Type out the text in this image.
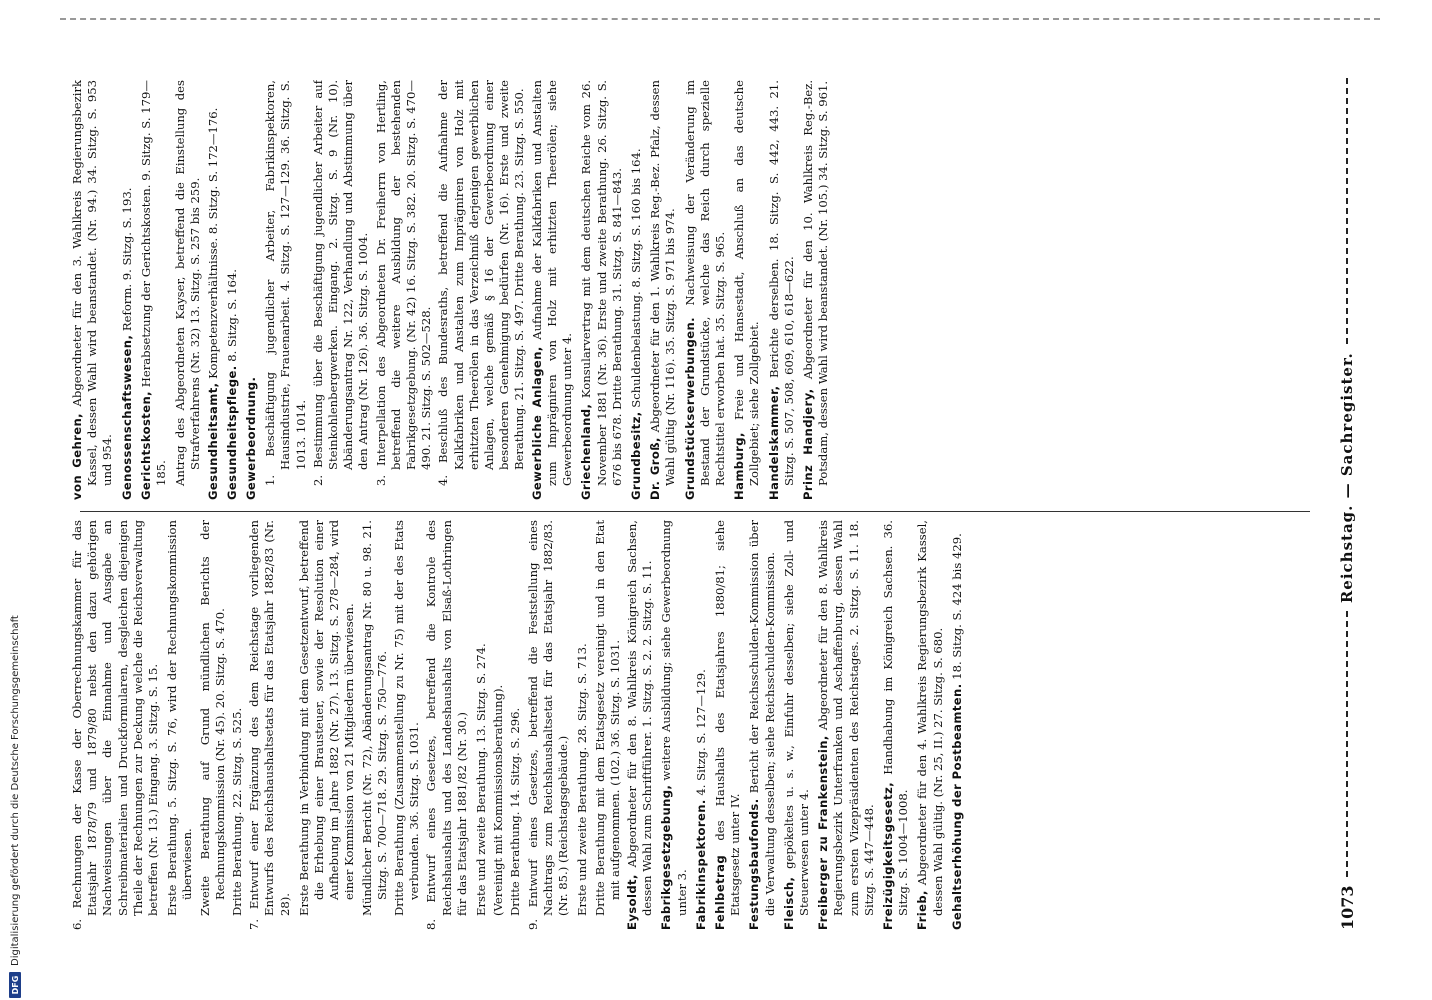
1073
Reichstag. — Sachregister.

6. Rechnungen der Kasse der Oberrechnungskammer für das Etatsjahr 1878/79 und 1879/80 nebst den dazu gehörigen Nachweisungen über die Einnahme und Ausgabe an Schreibmaterialien und Druckformularen, desgleichen diejenigen Theile der Rechnungen zur Deckung welche die Reichsverwaltung betreffen (Nr. 13.) Eingang. 3. Sitzg. S. 15. Erste Berathung. 5. Sitzg. S. 76, wird der Rechnungskommission überwiesen. Zweite Berathung auf Grund mündlichen Berichts der Rechnungskommission (Nr. 45). 20. Sitzg. S. 470. Dritte Berathung. 22. Sitzg. S. 525. 7. Entwurf einer Ergänzung des dem Reichstage vorliegenden Entwurfs des Reichshaushaltsetats für das Etatsjahr 1882/83 (Nr. 28). Erste Berathung in Verbindung mit dem Gesetzentwurf, betreffend die Erhebung einer Brausteuer, sowie der Resolution einer Aufhebung im Jahre 1882 (Nr. 27). 13. Sitzg. S. 278—284, wird einer Kommission von 21 Mitgliedern überwiesen. Mündlicher Bericht (Nr. 72), Abänderungsantrag Nr. 80 u. 98. 21. Sitzg. S. 700—718. 29. Sitzg. S. 750—776. Dritte Berathung (Zusammenstellung zu Nr. 75) mit der des Etats verbunden. 36. Sitzg. S. 1031. 8. Entwurf eines Gesetzes, betreffend die Kontrole des Reichshaushalts und des Landeshaushalts von Elsaß-Lothringen für das Etatsjahr 1881/82 (Nr. 30.) Erste und zweite Berathung. 13. Sitzg. S. 274. (Vereinigt mit Kommissionsberathung). Dritte Berathung. 14. Sitzg. S. 296. 9. Entwurf eines Gesetzes, betreffend die Feststellung eines Nachtrags zum Reichshaushaltsetat für das Etatsjahr 1882/83. (Nr. 85.) (Reichstagsgebäude.) Erste und zweite Berathung. 28. Sitzg. S. 713. Dritte Berathung mit dem Etatsgesetz vereinigt und in den Etat mit aufgenommen. (102.) 36. Sitzg. S. 1031.

Eysoldt, Abgeordneter für den 8. Wahlkreis Königreich Sachsen, dessen Wahl zum Schriftführer. 1. Sitzg. S. 2. 2. Sitzg. S. 11. Fabrikgesetzgebung, weitere Ausbildung; siehe Gewerbeordnung unter 3. Fabrikinspektoren. 4. Sitzg. S. 127—129.

Fehlbetrag des Haushalts des Etatsjahres 1880/81; siehe Etatsgesetz unter IV. Festungsbaufonds. Bericht der Reichsschulden-Kommission über die Verwaltung desselben; siehe Reichsschulden-Kommission. Fleisch, gepökeltes u. s. w., Einfuhr desselben; siehe Zoll- und Steuerwesen unter 4. Freiberger zu Frankenstein, Abgeordneter für den 8. Wahlkreis Regierungsbezirk Unterfranken und Aschaffenburg, dessen Wahl zum ersten Vizepräsidenten des Reichstages. 2. Sitzg. S. 11. 18. Sitzg. S. 447—448. Freizügigkeitsgesetz, Handhabung im Königreich Sachsen. 36. Sitzg. S. 1004—1008. Frieb, Abgeordneter für den 4. Wahlkreis Regierungsbezirk Kassel, dessen Wahl gültig. (Nr. 25, II.) 27. Sitzg. S. 680. Gehaltserhöhung der Postbeamten. 18. Sitzg. S. 424 bis 429.

von Gehren, Abgeordneter für den 3. Wahlkreis Regierungsbezirk Kassel, dessen Wahl wird beanstandet. (Nr. 94.) 34. Sitzg. S. 953 und 954. Genossenschaftswesen, Reform. 9. Sitzg. S. 193.

Gerichtskosten, Herabsetzung der Gerichtskosten. 9. Sitzg. S. 179—185. Antrag des Abgeordneten Kayser, betreffend die Einstellung des Strafverfahrens (Nr. 32) 13. Sitzg. S. 257 bis 259. Gesundheitsamt, Kompetenzverhältnisse. 8. Sitzg. S. 172—176.

Gesundheitspflege. 8. Sitzg. S. 164.

Gewerbeordnung. 1. Beschäftigung jugendlicher Arbeiter, Fabrikinspektoren, Hausindustrie, Frauenarbeit. 4. Sitzg. S. 127—129. 36. Sitzg. S. 1013. 1014. 2. Bestimmung über die Beschäftigung jugendlicher Arbeiter auf Steinkohlenbergwerken. Eingang. 2. Sitzg. S. 9 (Nr. 10). Abänderungsantrag Nr. 122, Verhandlung und Abstimmung über den Antrag (Nr. 126). 36. Sitzg. S. 1004. 3. Interpellation des Abgeordneten Dr. Freiherrn von Hertling, betreffend die weitere Ausbildung der bestehenden Fabrikgesetzgebung. (Nr. 42) 16. Sitzg. S. 382. 20. Sitzg. S. 470—490. 21. Sitzg. S. 502—528. 4. Beschluß des Bundesraths, betreffend die Aufnahme der Kalkfabriken und Anstalten zum Imprägniren von Holz mit erhitzten Theerölen in das Verzeichniß derjenigen gewerblichen Anlagen, welche gemäß § 16 der Gewerbeordnung einer besonderen Genehmigung bedürfen (Nr. 16). Erste und zweite Berathung. 21. Sitzg. S. 497. Dritte Berathung. 23. Sitzg. S. 550. Gewerbliche Anlagen, Aufnahme der Kalkfabriken und Anstalten zum Imprägniren von Holz mit erhitzten Theerölen; siehe Gewerbeordnung unter 4. Griechenland, Konsularvertrag mit dem deutschen Reiche vom 26. November 1881 (Nr. 36). Erste und zweite Berathung. 26. Sitzg. S. 676 bis 678. Dritte Berathung. 31. Sitzg. S. 841—843. Grundbesitz, Schuldenbelastung. 8. Sitzg. S. 160 bis 164.

Dr. Groß, Abgeordneter für den 1. Wahlkreis Reg.-Bez. Pfalz, dessen Wahl gültig (Nr. 116). 35. Sitzg. S. 971 bis 974. Grundstückserwerbungen. Nachweisung der Veränderung im Bestand der Grundstücke, welche das Reich durch spezielle Rechtstitel erworben hat. 35. Sitzg. S. 965. Hamburg, Freie und Hansestadt, Anschluß an das deutsche Zollgebiet; siehe Zollgebiet. Handelskammer, Berichte derselben. 18. Sitzg. S. 442, 443. 21. Sitzg. S. 507, 508, 609, 610, 618—622. Prinz Handjery, Abgeordneter für den 10. Wahlkreis Reg.-Bez. Potsdam, dessen Wahl wird beanstandet. (Nr. 105.) 34. Sitzg. S. 961.

DFG
Digitalisierung gefördert durch die Deutsche Forschungsgemeinschaft
